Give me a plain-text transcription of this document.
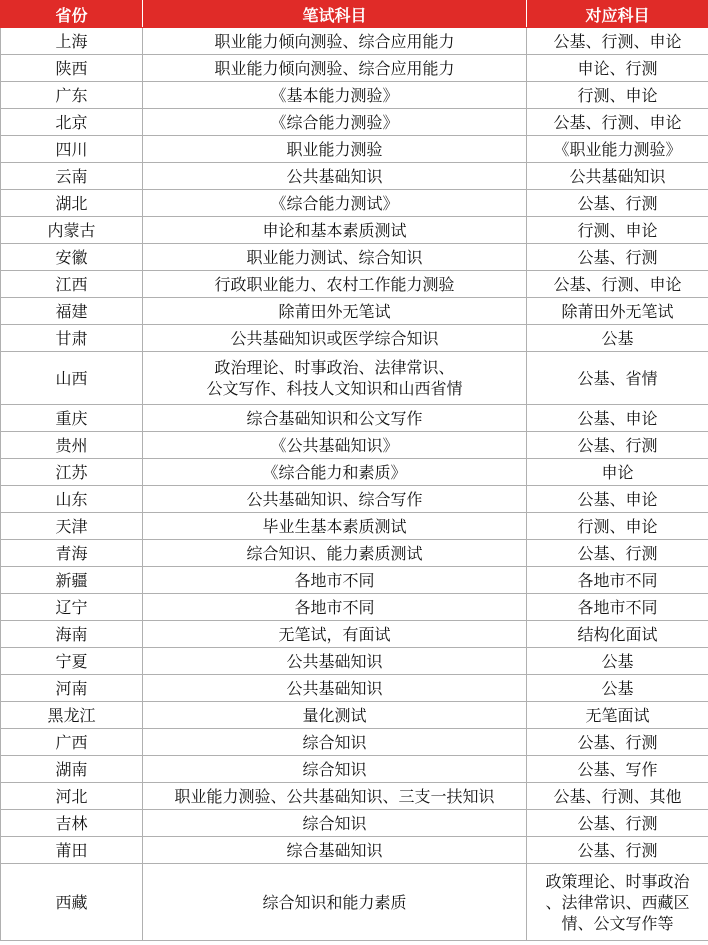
省份	笔试科目	对应科目
上海	职业能力倾向测验、综合应用能力	公基、行测、申论

陕西	职业能力倾向测验、综合应用能力	申论、行测

广东	《基本能力测验》	行测、申论

北京	《综合能力测验》	公基、行测、申论

四川	职业能力测验	《职业能力测验》

云南	公共基础知识	公共基础知识

湖北	《综合能力测试》	公基、行测

内蒙古	申论和基本素质测试	行测、申论

安徽	职业能力测试、综合知识	公基、行测

江西	行政职业能力、农村工作能力测验	公基、行测、申论

福建	除莆田外无笔试	除莆田外无笔试

甘肃	公共基础知识或医学综合知识	公基

山西	政治理论、时事政治、法律常识、
公文写作、科技人文知识和山西省情	公基、省情

重庆	综合基础知识和公文写作	公基、申论

贵州	《公共基础知识》	公基、行测

江苏	《综合能力和素质》	申论

山东	公共基础知识、综合写作	公基、申论

天津	毕业生基本素质测试	行测、申论

青海	综合知识、能力素质测试	公基、行测

新疆	各地市不同	各地市不同

辽宁	各地市不同	各地市不同

海南	无笔试，有面试	结构化面试

宁夏	公共基础知识	公基

河南	公共基础知识	公基

黑龙江	量化测试	无笔面试

广西	综合知识	公基、行测

湖南	综合知识	公基、写作

河北	职业能力测验、公共基础知识、三支一扶知识	公基、行测、其他

吉林	综合知识	公基、行测

莆田	综合基础知识	公基、行测

西藏	综合知识和能力素质	政策理论、时事政治
、法律常识、西藏区
情、公文写作等
